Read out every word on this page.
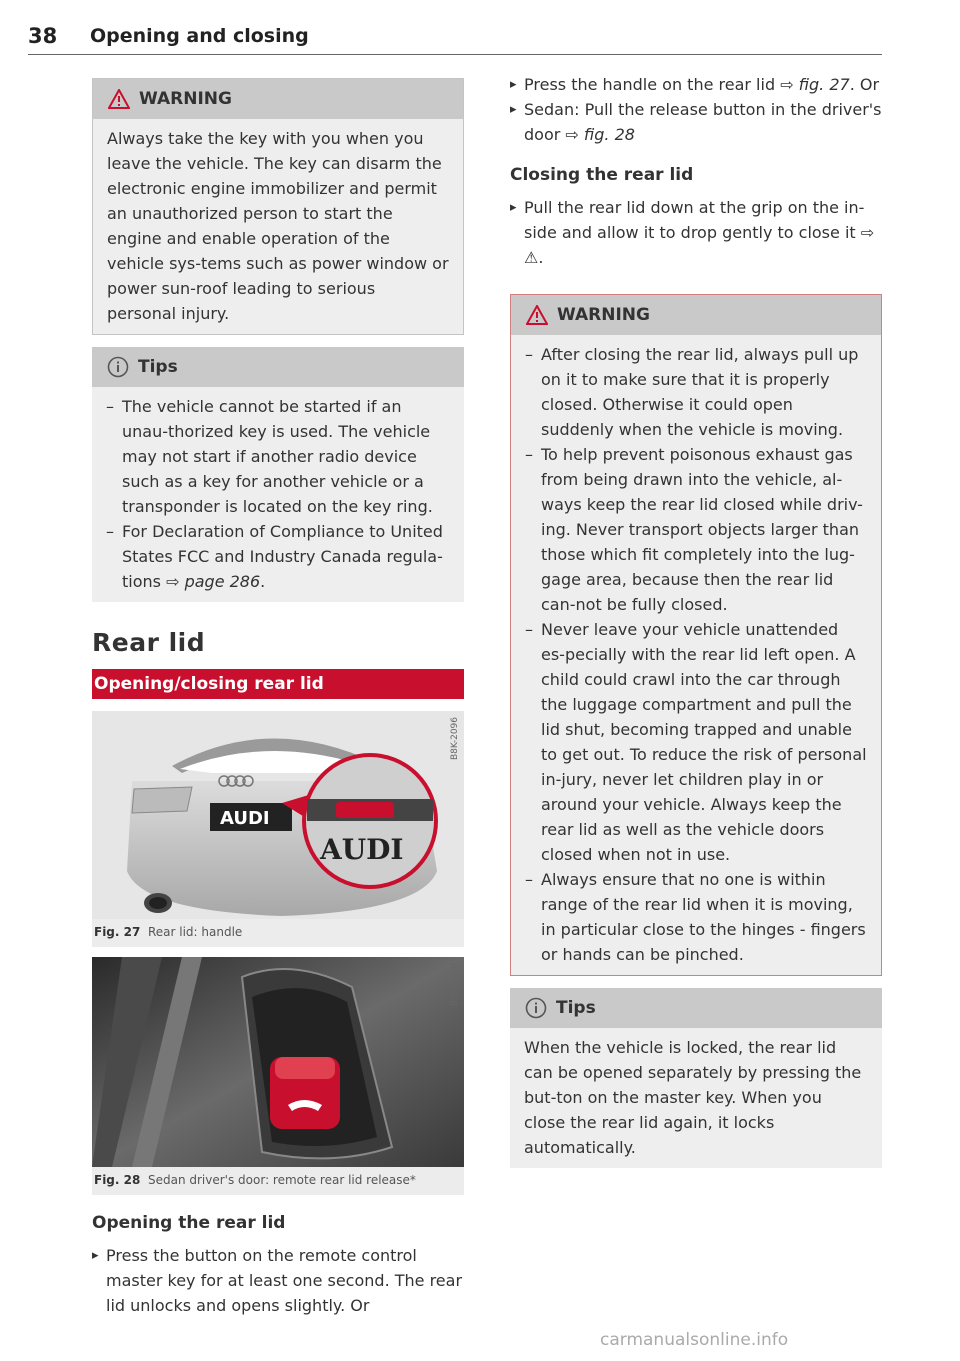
38 Opening and closing
WARNING

Always take the key with you when you leave the vehicle. The key can disarm the electronic engine immobilizer and permit an unauthorized person to start the engine and enable operation of the vehicle sys-tems such as power window or power sun-roof leading to serious personal injury.

Tips
– The vehicle cannot be started if an unau-thorized key is used. The vehicle may not start if another radio device such as a key for another vehicle or a transponder is located on the key ring.
– For Declaration of Compliance to United States FCC and Industry Canada regula-tions ⇨ page 286.
Rear lid
Opening/closing rear lid
AUDI
AUDI
B8K-2096
Fig. 27 Rear lid: handle
B8K-1510
Fig. 28 Sedan driver's door: remote rear lid release*
Opening the rear lid

▸ Press the button on the remote control master key for at least one second. The rear lid unlocks and opens slightly. Or

▸ Press the handle on the rear lid ⇨ fig. 27. Or

▸ Sedan: Pull the release button in the driver's door ⇨ fig. 28

Closing the rear lid

▸ Pull the rear lid down at the grip on the in-side and allow it to drop gently to close it ⇨ ⚠.

WARNING
– After closing the rear lid, always pull up on it to make sure that it is properly closed. Otherwise it could open suddenly when the vehicle is moving.
– To help prevent poisonous exhaust gas from being drawn into the vehicle, al-ways keep the rear lid closed while driv-ing. Never transport objects larger than those which fit completely into the lug-gage area, because then the rear lid can-not be fully closed.
– Never leave your vehicle unattended es-pecially with the rear lid left open. A child could crawl into the car through the luggage compartment and pull the lid shut, becoming trapped and unable to get out. To reduce the risk of personal in-jury, never let children play in or around your vehicle. Always keep the rear lid as well as the vehicle doors closed when not in use.
– Always ensure that no one is within range of the rear lid when it is moving, in particular close to the hinges - fingers or hands can be pinched.
Tips

When the vehicle is locked, the rear lid can be opened separately by pressing the but-ton on the master key. When you close the rear lid again, it locks automatically.

carmanualsonline.info
